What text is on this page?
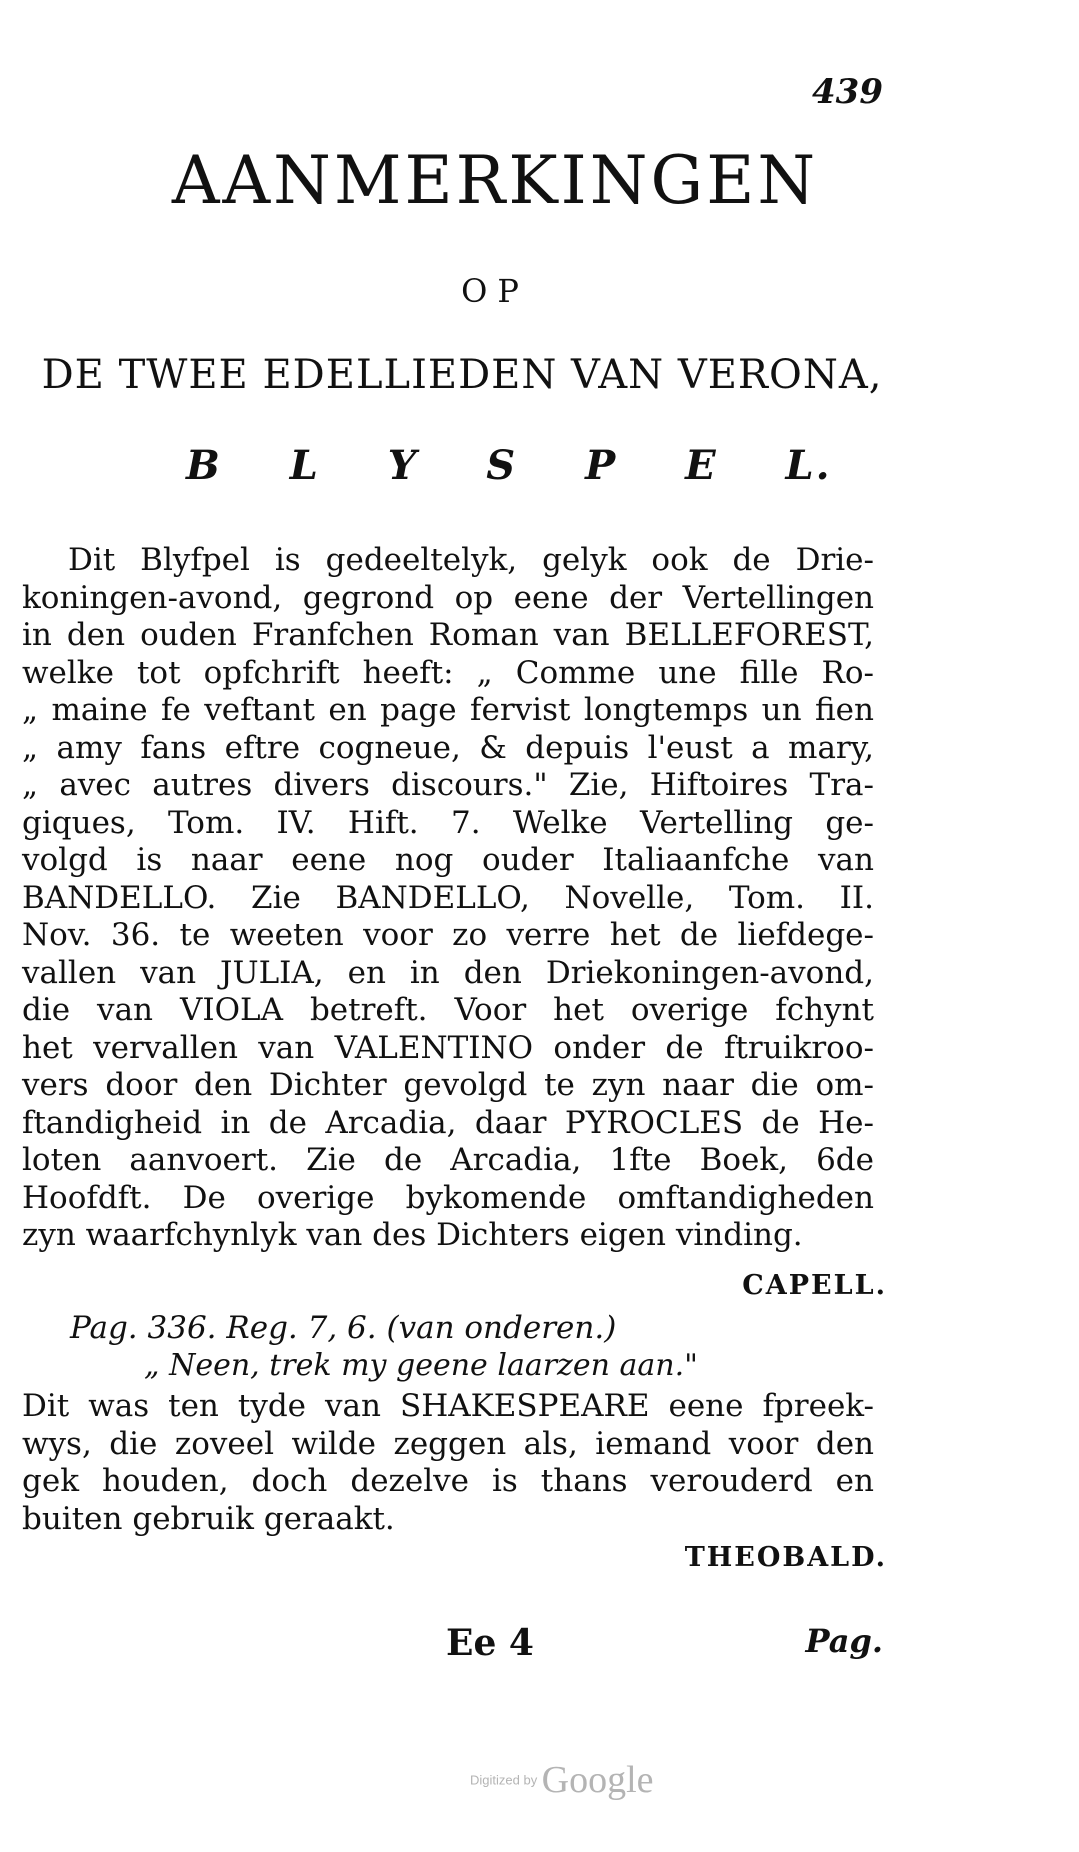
439
AANMERKINGEN
OP
DE TWEE EDELLIEDEN VAN VERONA,
B L Y S P E L.
Dit Blyfpel is gedeeltelyk, gelyk ook de Drie-
koningen-avond, gegrond op eene der Vertellingen
in den ouden Franfchen Roman van BELLEFOREST,
welke tot opfchrift heeft: „ Comme une fille Ro-
„ maine fe veftant en page fervist longtemps un fien
„ amy fans eftre cogneue, & depuis l'eust a mary,
„ avec autres divers discours." Zie, Hiftoires Tra-
giques, Tom. IV. Hift. 7. Welke Vertelling ge-
volgd is naar eene nog ouder Italiaanfche van
BANDELLO. Zie BANDELLO, Novelle, Tom. II.
Nov. 36. te weeten voor zo verre het de liefdege-
vallen van JULIA, en in den Driekoningen-avond,
die van VIOLA betreft. Voor het overige fchynt
het vervallen van VALENTINO onder de ftruikroo-
vers door den Dichter gevolgd te zyn naar die om-
ftandigheid in de Arcadia, daar PYROCLES de He-
loten aanvoert. Zie de Arcadia, 1fte Boek, 6de
Hoofdft. De overige bykomende omftandigheden
zyn waarfchynlyk van des Dichters eigen vinding.
CAPELL.
Pag. 336. Reg. 7, 6. (van onderen.)
„ Neen, trek my geene laarzen aan."
Dit was ten tyde van SHAKESPEARE eene fpreek-
wys, die zoveel wilde zeggen als, iemand voor den
gek houden, doch dezelve is thans verouderd en
buiten gebruik geraakt.
THEOBALD.
Ee 4	Pag.
Digitized by Google
